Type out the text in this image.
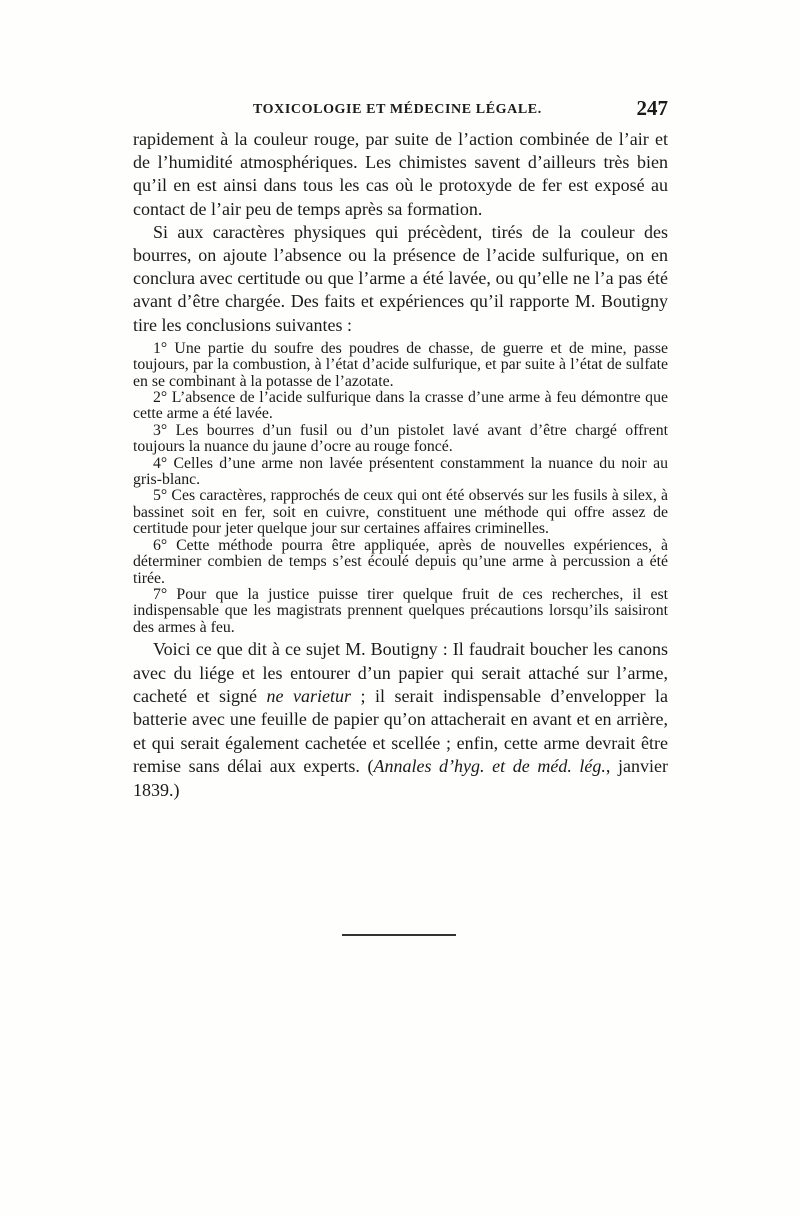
TOXICOLOGIE ET MÉDECINE LÉGALE.	247

rapidement à la couleur rouge, par suite de l’action combinée de l’air et de l’humidité atmosphériques. Les chimistes savent d’ailleurs très bien qu’il en est ainsi dans tous les cas où le protoxyde de fer est exposé au contact de l’air peu de temps après sa formation.

Si aux caractères physiques qui précèdent, tirés de la couleur des bourres, on ajoute l’absence ou la présence de l’acide sulfurique, on en conclura avec certitude ou que l’arme a été lavée, ou qu’elle ne l’a pas été avant d’être chargée. Des faits et expériences qu’il rapporte M. Boutigny tire les conclusions suivantes :

1° Une partie du soufre des poudres de chasse, de guerre et de mine, passe toujours, par la combustion, à l’état d’acide sulfurique, et par suite à l’état de sulfate en se combinant à la potasse de l’azotate.

2° L’absence de l’acide sulfurique dans la crasse d’une arme à feu démontre que cette arme a été lavée.

3° Les bourres d’un fusil ou d’un pistolet lavé avant d’être chargé offrent toujours la nuance du jaune d’ocre au rouge foncé.

4° Celles d’une arme non lavée présentent constamment la nuance du noir au gris-blanc.

5° Ces caractères, rapprochés de ceux qui ont été observés sur les fusils à silex, à bassinet soit en fer, soit en cuivre, constituent une méthode qui offre assez de certitude pour jeter quelque jour sur certaines affaires criminelles.

6° Cette méthode pourra être appliquée, après de nouvelles expériences, à déterminer combien de temps s’est écoulé depuis qu’une arme à percussion a été tirée.

7° Pour que la justice puisse tirer quelque fruit de ces recherches, il est indispensable que les magistrats prennent quelques précautions lorsqu’ils saisiront des armes à feu.

Voici ce que dit à ce sujet M. Boutigny : Il faudrait boucher les canons avec du liége et les entourer d’un papier qui serait attaché sur l’arme, cacheté et signé ne varietur ; il serait indispensable d’envelopper la batterie avec une feuille de papier qu’on attacherait en avant et en arrière, et qui serait également cachetée et scellée ; enfin, cette arme devrait être remise sans délai aux experts. (Annales d’hyg. et de méd. lég., janvier 1839.)
